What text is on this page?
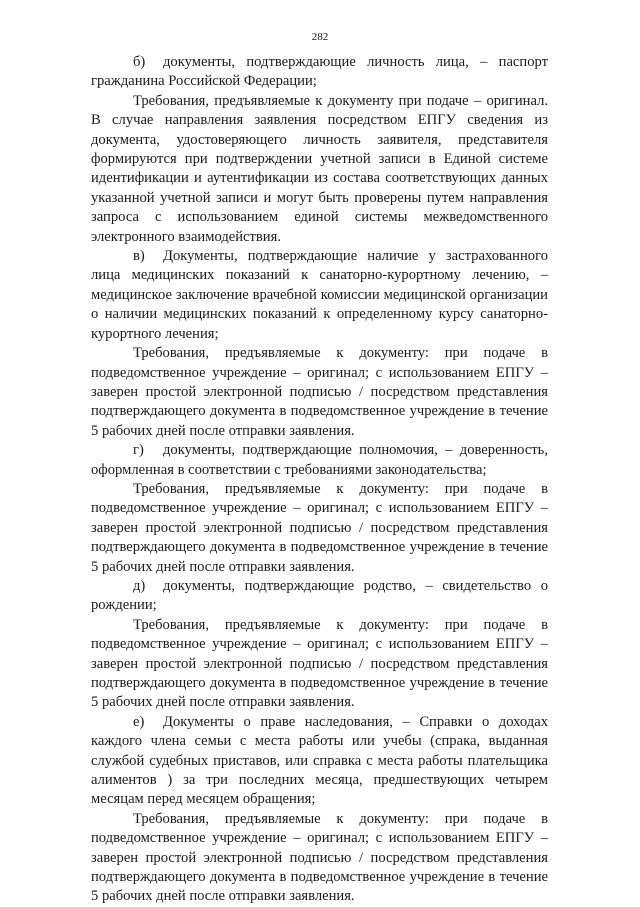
282

б) документы, подтверждающие личность лица, – паспорт гражданина Российской Федерации;

Требования, предъявляемые к документу при подаче – оригинал. В случае направления заявления посредством ЕПГУ сведения из документа, удостоверяющего личность заявителя, представителя формируются при подтверждении учетной записи в Единой системе идентификации и аутентификации из состава соответствующих данных указанной учетной записи и могут быть проверены путем направления запроса с использованием единой системы межведомственного электронного взаимодействия.

в) Документы, подтверждающие наличие у застрахованного лица медицинских показаний к санаторно-курортному лечению, – медицинское заключение врачебной комиссии медицинской организации о наличии медицинских показаний к определенному курсу санаторно-курортного лечения;

Требования, предъявляемые к документу: при подаче в подведомственное учреждение – оригинал; с использованием ЕПГУ – заверен простой электронной подписью / посредством представления подтверждающего документа в подведомственное учреждение в течение 5 рабочих дней после отправки заявления.

г) документы, подтверждающие полномочия, – доверенность, оформленная в соответствии с требованиями законодательства;

Требования, предъявляемые к документу: при подаче в подведомственное учреждение – оригинал; с использованием ЕПГУ – заверен простой электронной подписью / посредством представления подтверждающего документа в подведомственное учреждение в течение 5 рабочих дней после отправки заявления.

д) документы, подтверждающие родство, – свидетельство о рождении;

Требования, предъявляемые к документу: при подаче в подведомственное учреждение – оригинал; с использованием ЕПГУ – заверен простой электронной подписью / посредством представления подтверждающего документа в подведомственное учреждение в течение 5 рабочих дней после отправки заявления.

е) Документы о праве наследования, – Справки о доходах каждого члена семьи с места работы или учебы (спрака, выданная службой судебных приставов, или справка с места работы плательщика алиментов ) за три последних месяца, предшествующих четырем месяцам перед месяцем обращения;

Требования, предъявляемые к документу: при подаче в подведомственное учреждение – оригинал; с использованием ЕПГУ – заверен простой электронной подписью / посредством представления подтверждающего документа в подведомственное учреждение в течение 5 рабочих дней после отправки заявления.
